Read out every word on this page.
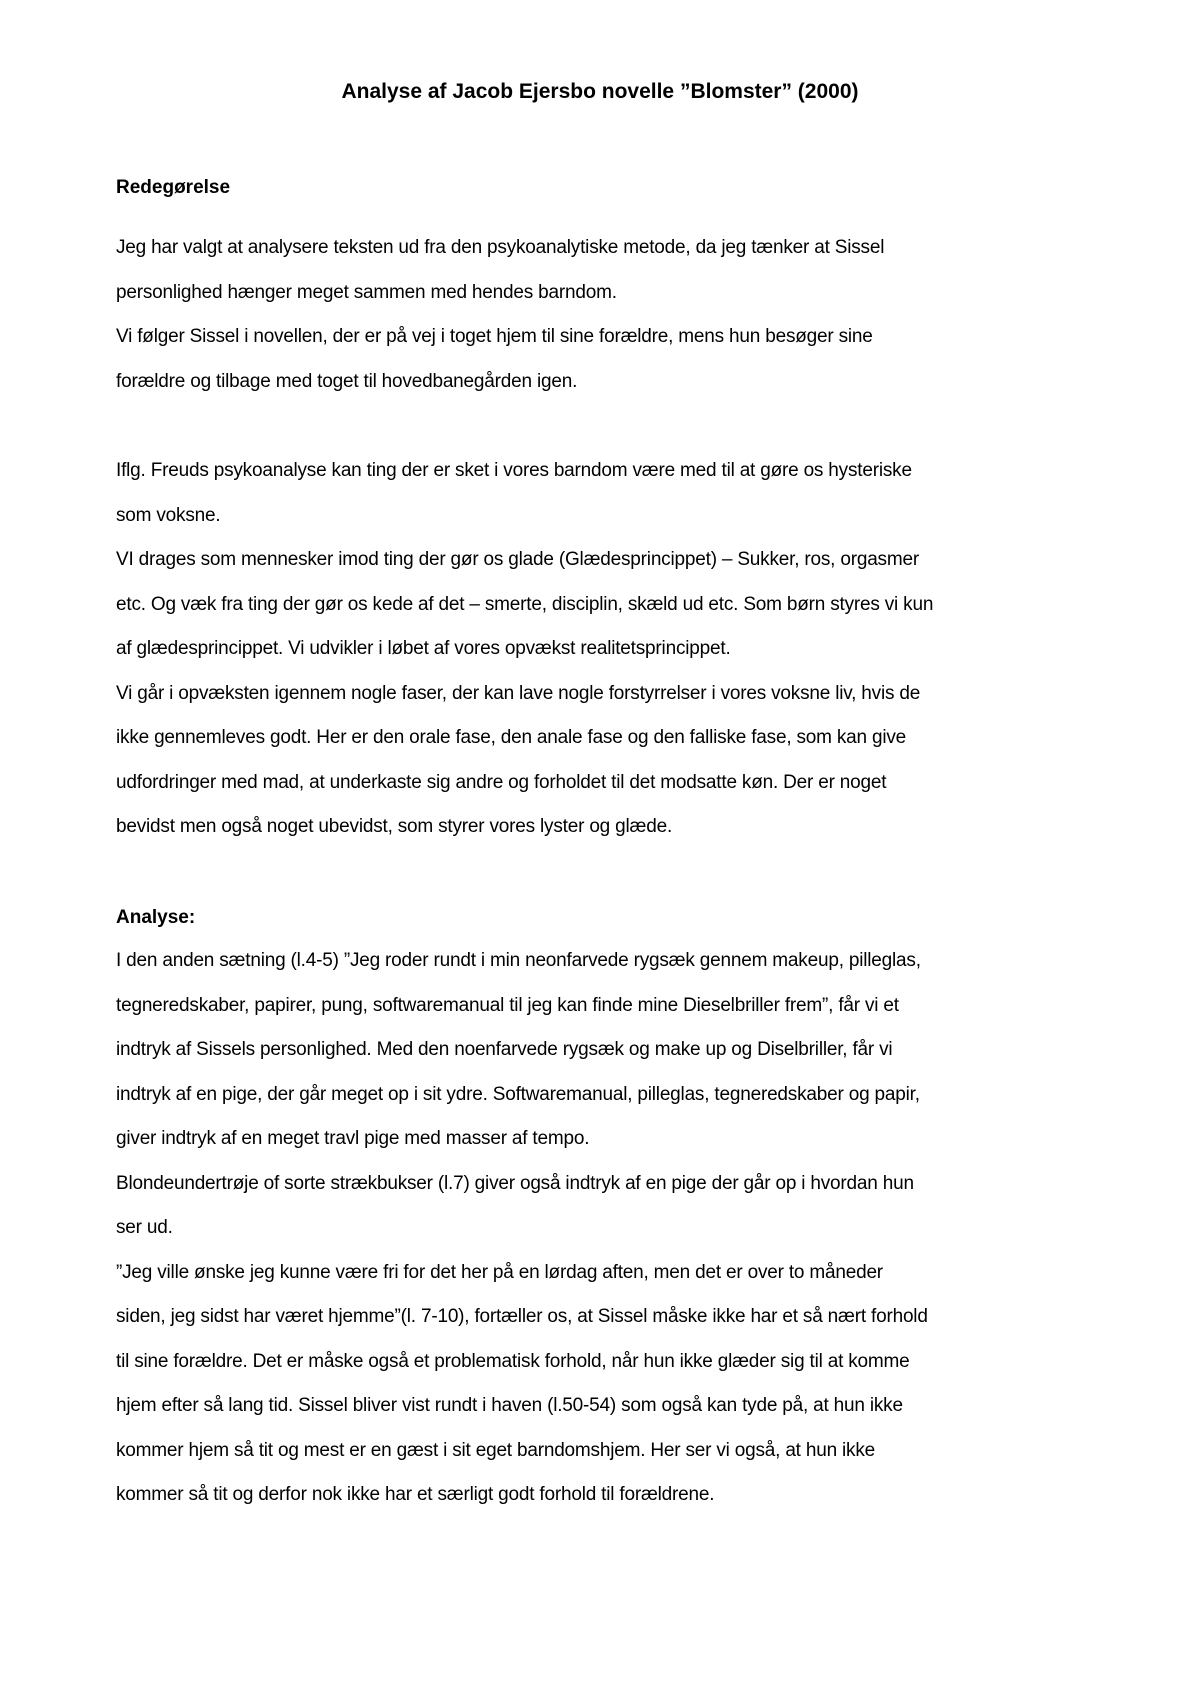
Analyse af Jacob Ejersbo novelle ”Blomster” (2000)
Redegørelse
Jeg har valgt at analysere teksten ud fra den psykoanalytiske metode, da jeg tænker at Sissel
personlighed hænger meget sammen med hendes barndom.
Vi følger Sissel i novellen, der er på vej i toget hjem til sine forældre, mens hun besøger sine
forældre og tilbage med toget til hovedbanegården igen.
Iflg. Freuds psykoanalyse kan ting der er sket i vores barndom være med til at gøre os hysteriske
som voksne.
VI drages som mennesker imod ting der gør os glade (Glædesprincippet) – Sukker, ros, orgasmer
etc. Og væk fra ting der gør os kede af det – smerte, disciplin, skæld ud etc. Som børn styres vi kun
af glædesprincippet. Vi udvikler i løbet af vores opvækst realitetsprincippet.
Vi går i opvæksten igennem nogle faser, der kan lave nogle forstyrrelser i vores voksne liv, hvis de
ikke gennemleves godt. Her er den orale fase, den anale fase og den falliske fase, som kan give
udfordringer med mad, at underkaste sig andre og forholdet til det modsatte køn. Der er noget
bevidst men også noget ubevidst, som styrer vores lyster og glæde.
Analyse:
I den anden sætning (l.4-5) ”Jeg roder rundt i min neonfarvede rygsæk gennem makeup, pilleglas,
tegneredskaber, papirer, pung, softwaremanual til jeg kan finde mine Dieselbriller frem”, får vi et
indtryk af Sissels personlighed. Med den noenfarvede rygsæk og make up og Diselbriller, får vi
indtryk af en pige, der går meget op i sit ydre. Softwaremanual, pilleglas, tegneredskaber og papir,
giver indtryk af en meget travl pige med masser af tempo.
Blondeundertrøje of sorte strækbukser (l.7) giver også indtryk af en pige der går op i hvordan hun
ser ud.
”Jeg ville ønske jeg kunne være fri for det her på en lørdag aften, men det er over to måneder
siden, jeg sidst har været hjemme”(l. 7-10), fortæller os, at Sissel måske ikke har et så nært forhold
til sine forældre. Det er måske også et problematisk forhold, når hun ikke glæder sig til at komme
hjem efter så lang tid. Sissel bliver vist rundt i haven (l.50-54) som også kan tyde på, at hun ikke
kommer hjem så tit og mest er en gæst i sit eget barndomshjem. Her ser vi også, at hun ikke
kommer så tit og derfor nok ikke har et særligt godt forhold til forældrene.
